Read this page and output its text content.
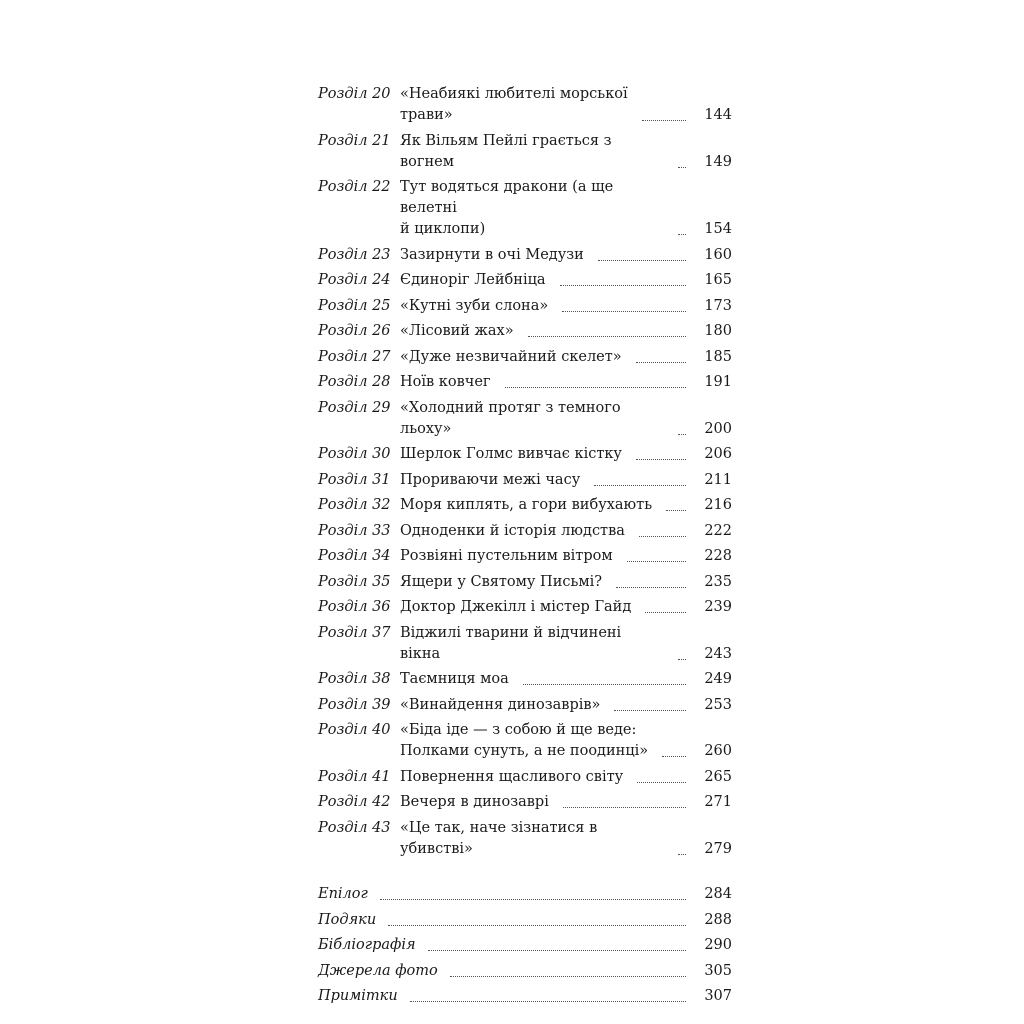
Розділ 20 «Неабиякі любителі морської
трави»	144
Розділ 21 Як Вільям Пейлі грається з вогнем	149
Розділ 22 Тут водяться дракони (а ще велетні
й циклопи)	154
Розділ 23 Зазирнути в очі Медузи	160
Розділ 24 Єдиноріг Лейбніца	165
Розділ 25 «Кутні зуби слона»	173
Розділ 26 «Лісовий жах»	180
Розділ 27 «Дуже незвичайний скелет»	185
Розділ 28 Ноїв ковчег	191
Розділ 29 «Холодний протяг з темного льоху»	200
Розділ 30 Шерлок Голмс вивчає кістку	206
Розділ 31 Прориваючи межі часу	211
Розділ 32 Моря киплять, а гори вибухають	216
Розділ 33 Одноденки й історія людства	222
Розділ 34 Розвіяні пустельним вітром	228
Розділ 35 Ящери у Святому Письмі?	235
Розділ 36 Доктор Джекілл і містер Гайд	239
Розділ 37 Віджилі тварини й відчинені вікна	243
Розділ 38 Таємниця моа	249
Розділ 39 «Винайдення динозаврів»	253
Розділ 40 «Біда іде — з собою й ще веде:
Полками сунуть, а не поодинці»	260
Розділ 41 Повернення щасливого світу	265
Розділ 42 Вечеря в динозаврі	271
Розділ 43 «Це так, наче зізнатися в убивстві»	279
Епілог	284
Подяки	288
Бібліографія	290
Джерела фото	305
Примітки	307
